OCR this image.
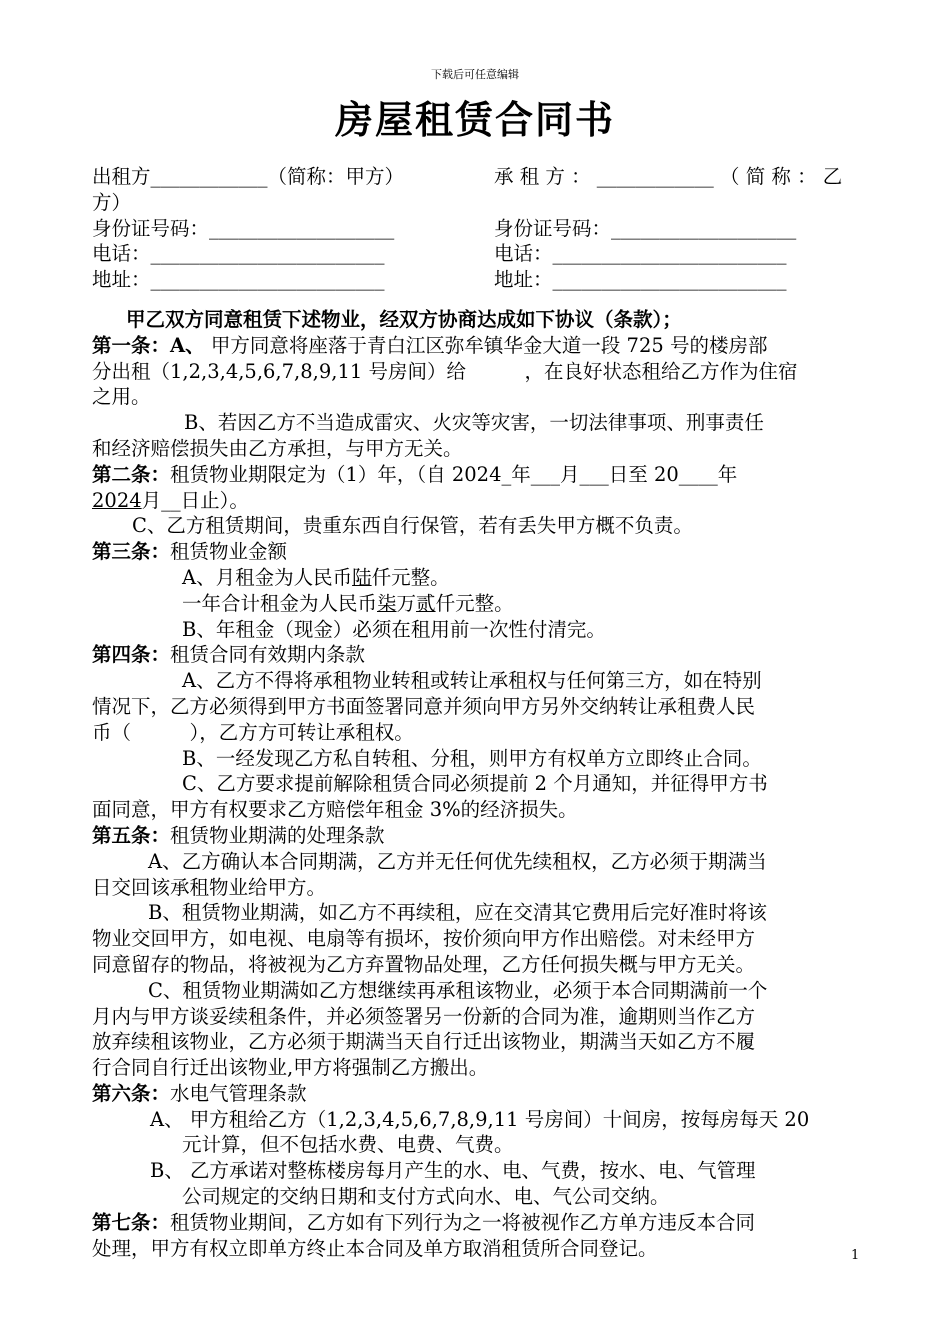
下载后可任意编辑
房屋租赁合同书
出租方____________（简称：甲方）	承 租 方 ： ____________ （ 简 称 ： 乙
方）
身份证号码：___________________	身份证号码：___________________
电话：________________________	电话：________________________
地址：________________________	地址：________________________
甲乙双方同意租赁下述物业，经双方协商达成如下协议（条款）；
第一条：A、 甲方同意将座落于青白江区弥牟镇华金大道一段 725 号的楼房部
分出租（1,2,3,4,5,6,7,8,9,11 号房间）给　　　，在良好状态租给乙方作为住宿
之用。
B、若因乙方不当造成雷灾、火灾等灾害，一切法律事项、刑事责任
和经济赔偿损失由乙方承担，与甲方无关。
第二条：租赁物业期限定为（1）年，（自 2024_年___月___日至 20____年
2024月__日止）。
C、乙方租赁期间，贵重东西自行保管，若有丢失甲方概不负责。
第三条：租赁物业金额
A、月租金为人民币陆仟元整。
一年合计租金为人民币柒万贰仟元整。
B、年租金（现金）必须在租用前一次性付清完。
第四条：租赁合同有效期内条款
A、乙方不得将承租物业转租或转让承租权与任何第三方，如在特别
情况下，乙方必须得到甲方书面签署同意并须向甲方另外交纳转让承租费人民
币（　　　），乙方方可转让承租权。
B、一经发现乙方私自转租、分租，则甲方有权单方立即终止合同。
C、乙方要求提前解除租赁合同必须提前 2 个月通知，并征得甲方书
面同意，甲方有权要求乙方赔偿年租金 3%的经济损失。
第五条：租赁物业期满的处理条款
A、乙方确认本合同期满，乙方并无任何优先续租权，乙方必须于期满当
日交回该承租物业给甲方。
B、租赁物业期满，如乙方不再续租，应在交清其它费用后完好准时将该
物业交回甲方，如电视、电扇等有损坏，按价须向甲方作出赔偿。对未经甲方
同意留存的物品，将被视为乙方弃置物品处理，乙方任何损失概与甲方无关。
C、租赁物业期满如乙方想继续再承租该物业，必须于本合同期满前一个
月内与甲方谈妥续租条件，并必须签署另一份新的合同为准，逾期则当作乙方
放弃续租该物业，乙方必须于期满当天自行迁出该物业，期满当天如乙方不履
行合同自行迁出该物业,甲方将强制乙方搬出。
第六条：水电气管理条款
A、 甲方租给乙方（1,2,3,4,5,6,7,8,9,11 号房间）十间房，按每房每天 20
元计算，但不包括水费、电费、气费。
B、 乙方承诺对整栋楼房每月产生的水、电、气费，按水、电、气管理
公司规定的交纳日期和支付方式向水、电、气公司交纳。
第七条：租赁物业期间，乙方如有下列行为之一将被视作乙方单方违反本合同
处理，甲方有权立即单方终止本合同及单方取消租赁所合同登记。	1
